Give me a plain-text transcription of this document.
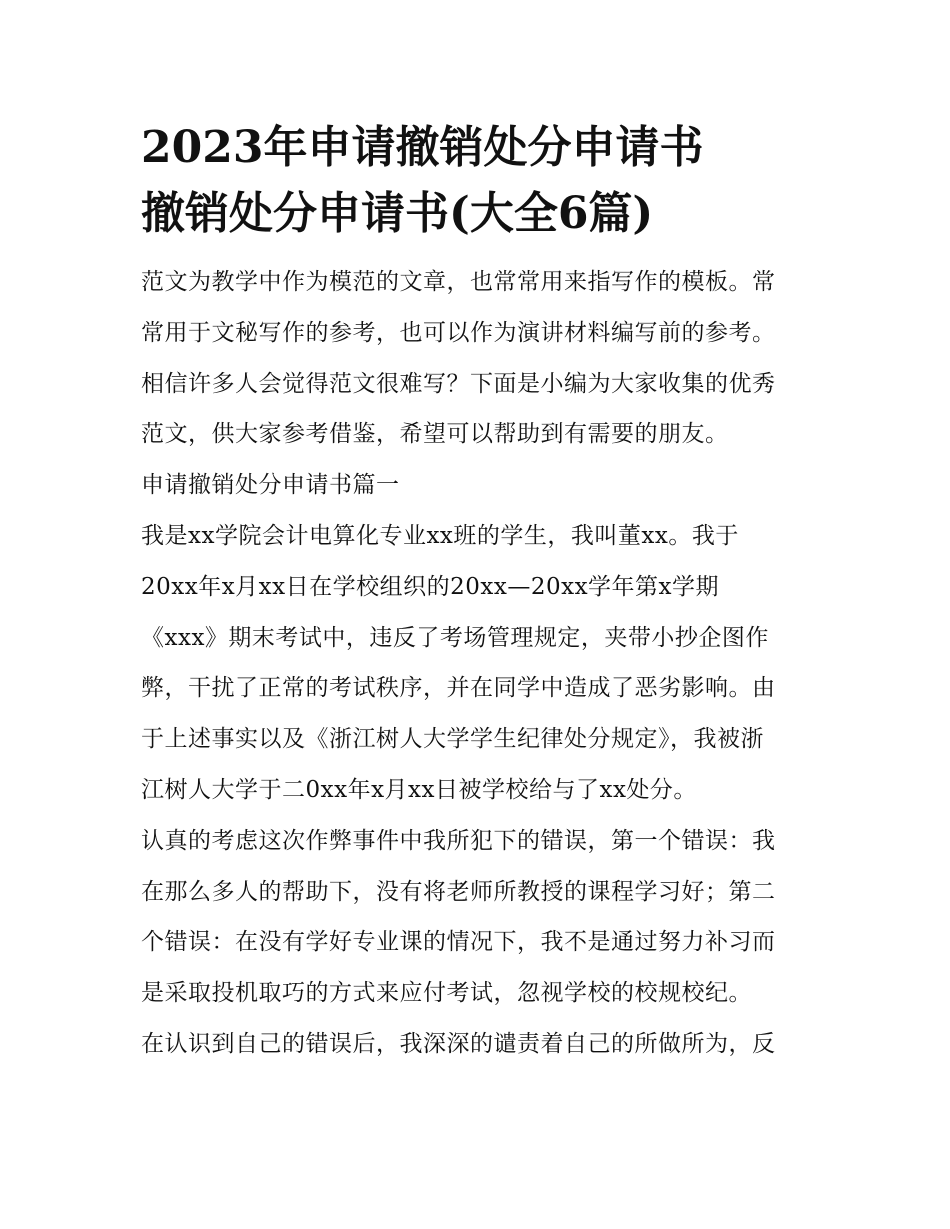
2023年申请撤销处分申请书
撤销处分申请书(大全6篇)
范文为教学中作为模范的文章，也常常用来指写作的模板。常
常用于文秘写作的参考，也可以作为演讲材料编写前的参考。
相信许多人会觉得范文很难写？下面是小编为大家收集的优秀
范文，供大家参考借鉴，希望可以帮助到有需要的朋友。
申请撤销处分申请书篇一
我是xx学院会计电算化专业xx班的学生，我叫董xx。我于
20xx年x月xx日在学校组织的20xx—20xx学年第x学期
《xxx》期末考试中，违反了考场管理规定，夹带小抄企图作
弊，干扰了正常的考试秩序，并在同学中造成了恶劣影响。由
于上述事实以及《浙江树人大学学生纪律处分规定》，我被浙
江树人大学于二0xx年x月xx日被学校给与了xx处分。
认真的考虑这次作弊事件中我所犯下的错误，第一个错误：我
在那么多人的帮助下，没有将老师所教授的课程学习好；第二
个错误：在没有学好专业课的情况下，我不是通过努力补习而
是采取投机取巧的方式来应付考试，忽视学校的校规校纪。
在认识到自己的错误后，我深深的谴责着自己的所做所为，反
